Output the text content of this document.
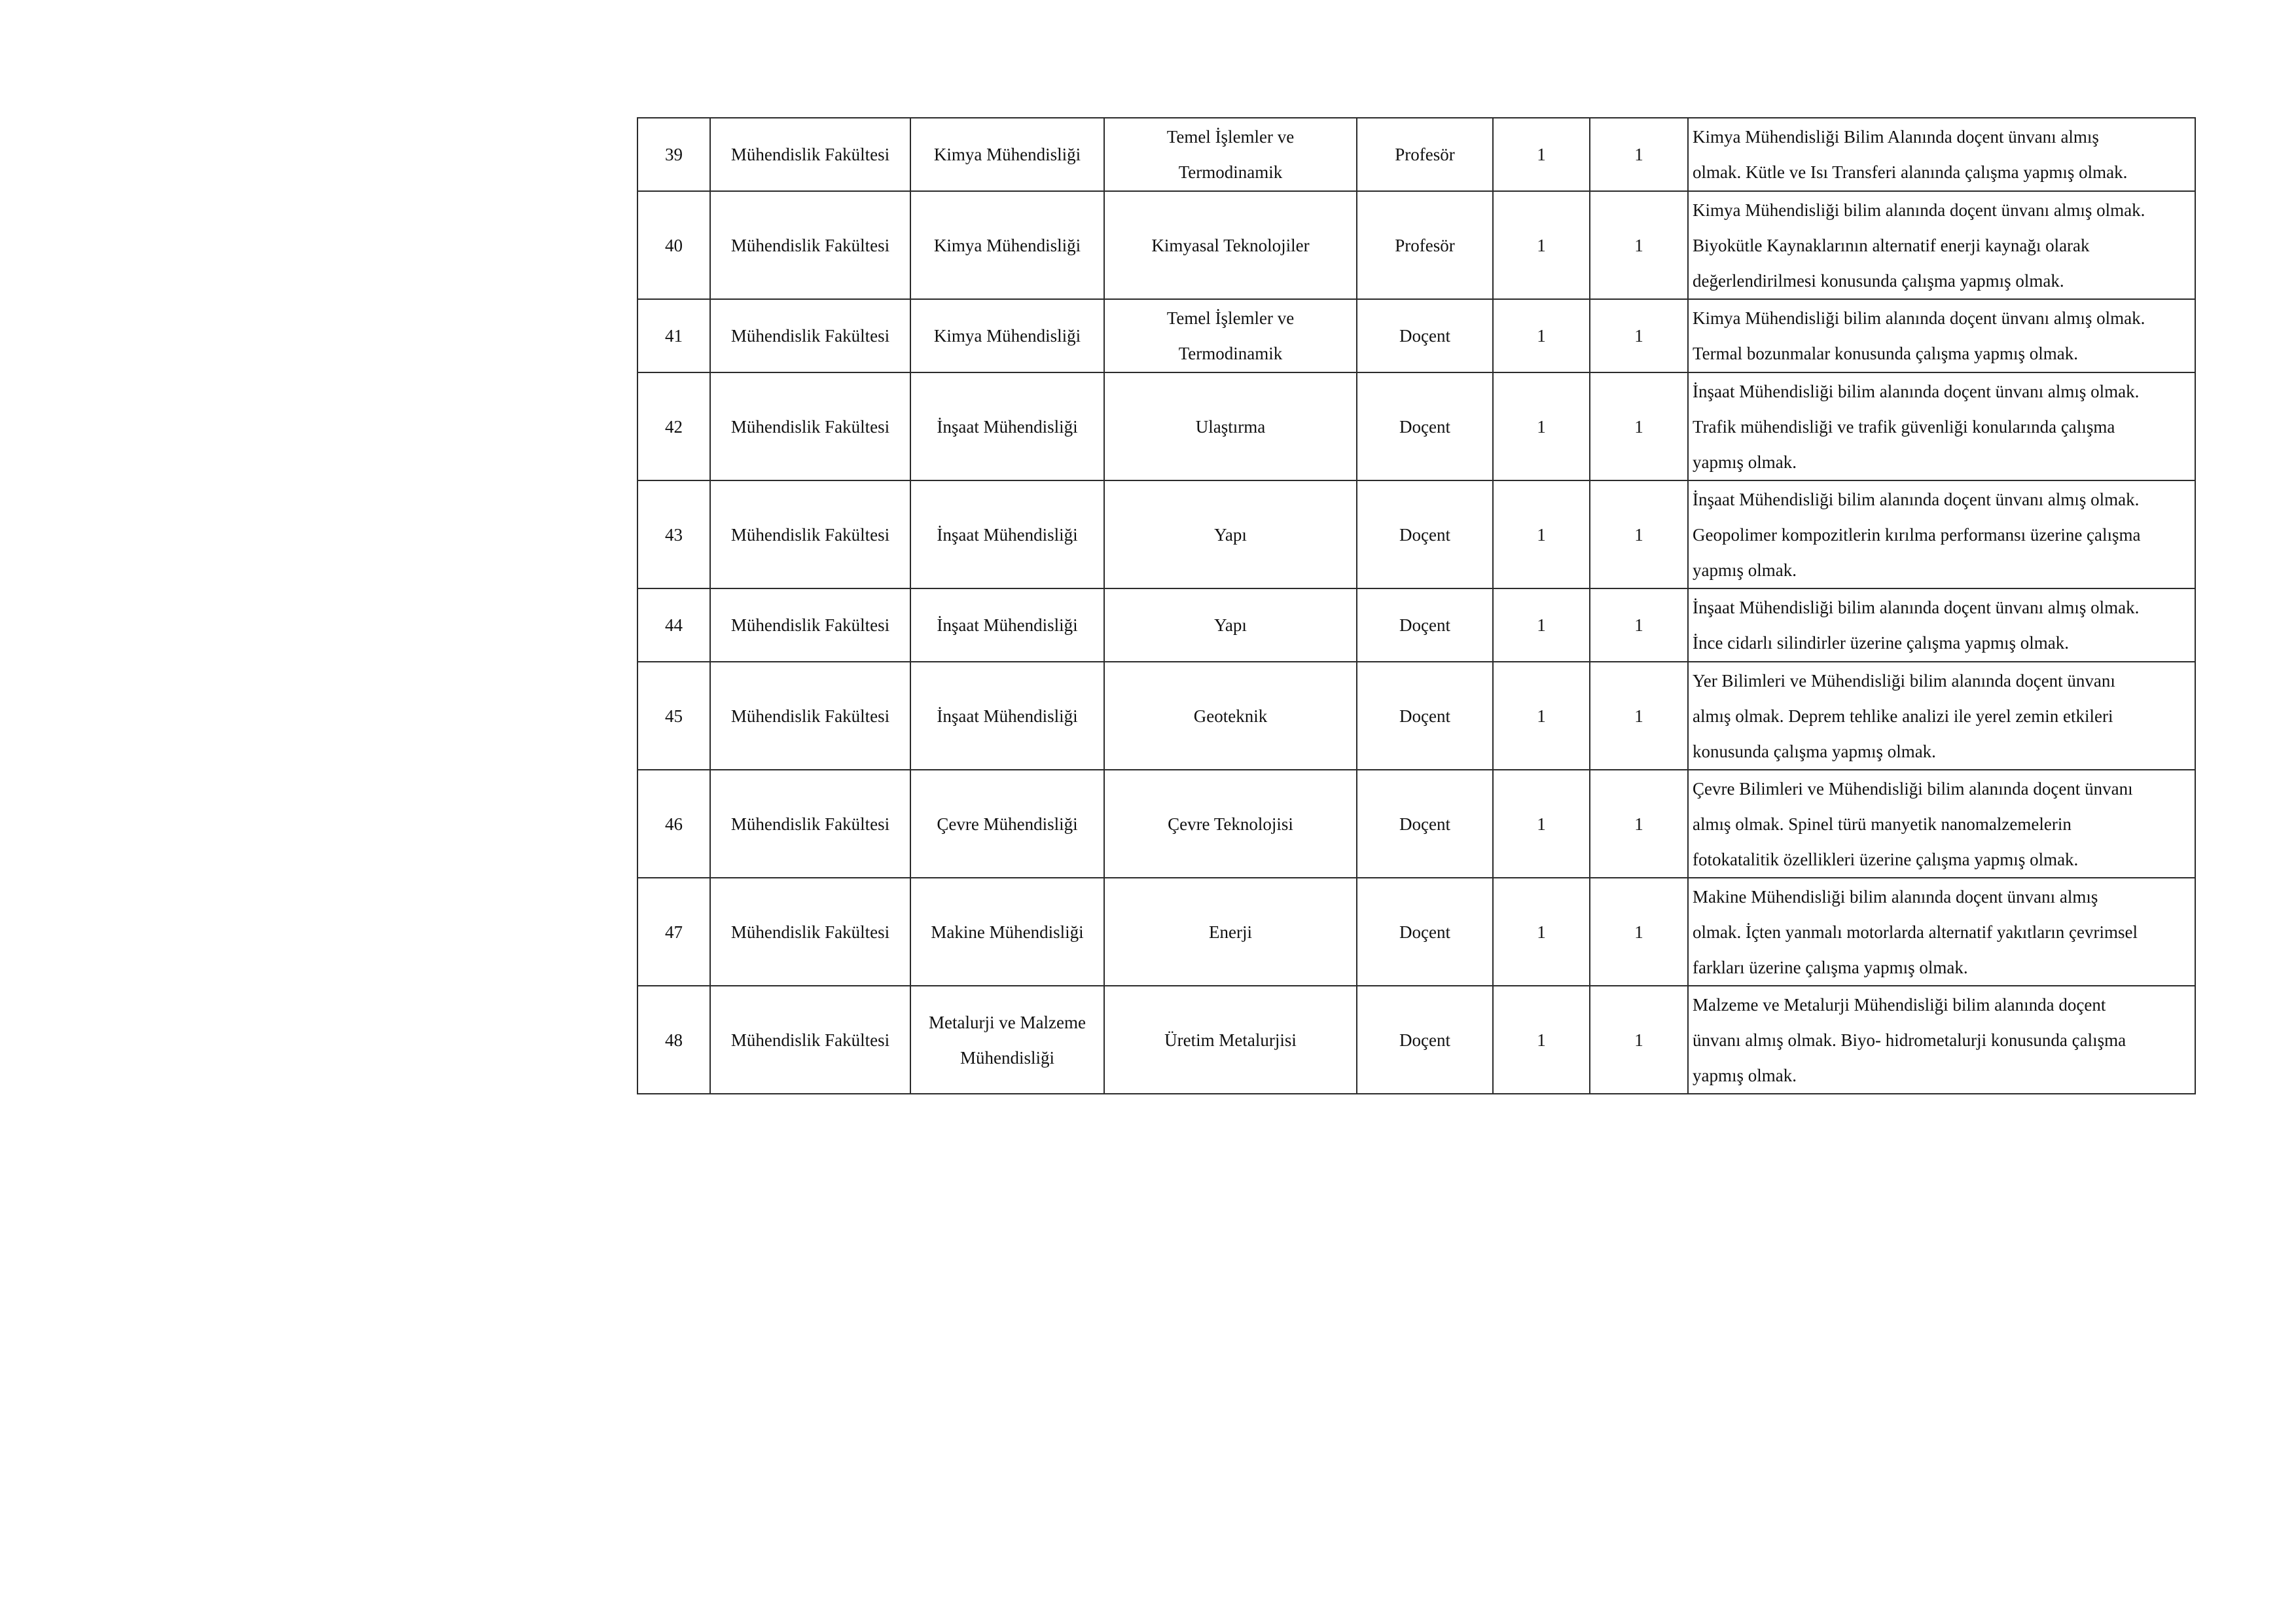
39	Mühendislik Fakültesi	Kimya Mühendisliği	Temel İşlemler ve
Termodinamik	Profesör	1	1	Kimya Mühendisliği Bilim Alanında doçent ünvanı almış
olmak. Kütle ve Isı Transferi alanında çalışma yapmış olmak.
40	Mühendislik Fakültesi	Kimya Mühendisliği	Kimyasal Teknolojiler	Profesör	1	1	Kimya Mühendisliği bilim alanında doçent ünvanı almış olmak.
Biyokütle Kaynaklarının alternatif enerji kaynağı olarak
değerlendirilmesi konusunda çalışma yapmış olmak.
41	Mühendislik Fakültesi	Kimya Mühendisliği	Temel İşlemler ve
Termodinamik	Doçent	1	1	Kimya Mühendisliği bilim alanında doçent ünvanı almış olmak.
Termal bozunmalar konusunda çalışma yapmış olmak.
42	Mühendislik Fakültesi	İnşaat Mühendisliği	Ulaştırma	Doçent	1	1	İnşaat Mühendisliği bilim alanında doçent ünvanı almış olmak.
Trafik mühendisliği ve trafik güvenliği konularında çalışma
yapmış olmak.
43	Mühendislik Fakültesi	İnşaat Mühendisliği	Yapı	Doçent	1	1	İnşaat Mühendisliği bilim alanında doçent ünvanı almış olmak.
Geopolimer kompozitlerin kırılma performansı üzerine çalışma
yapmış olmak.
44	Mühendislik Fakültesi	İnşaat Mühendisliği	Yapı	Doçent	1	1	İnşaat Mühendisliği bilim alanında doçent ünvanı almış olmak.
İnce cidarlı silindirler üzerine çalışma yapmış olmak.
45	Mühendislik Fakültesi	İnşaat Mühendisliği	Geoteknik	Doçent	1	1	Yer Bilimleri ve Mühendisliği bilim alanında doçent ünvanı
almış olmak. Deprem tehlike analizi ile yerel zemin etkileri
konusunda çalışma yapmış olmak.
46	Mühendislik Fakültesi	Çevre Mühendisliği	Çevre Teknolojisi	Doçent	1	1	Çevre Bilimleri ve Mühendisliği bilim alanında doçent ünvanı
almış olmak. Spinel türü manyetik nanomalzemelerin
fotokatalitik özellikleri üzerine çalışma yapmış olmak.
47	Mühendislik Fakültesi	Makine Mühendisliği	Enerji	Doçent	1	1	Makine Mühendisliği bilim alanında doçent ünvanı almış
olmak. İçten yanmalı motorlarda alternatif yakıtların çevrimsel
farkları üzerine çalışma yapmış olmak.
48	Mühendislik Fakültesi	Metalurji ve Malzeme
Mühendisliği	Üretim Metalurjisi	Doçent	1	1	Malzeme ve Metalurji Mühendisliği bilim alanında doçent
ünvanı almış olmak. Biyo- hidrometalurji konusunda çalışma
yapmış olmak.
